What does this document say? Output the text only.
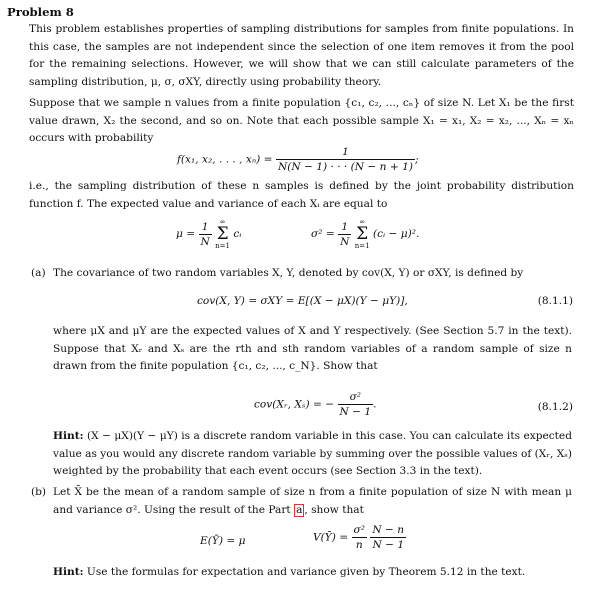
Problem 8
This problem establishes properties of sampling distributions for samples from finite populations. In this case, the samples are not independent since the selection of one item removes it from the pool for the remaining selections. However, we will show that we can still calculate parameters of the sampling distribution, μ, σ, σXY, directly using probability theory.
Suppose that we sample n values from a finite population {c₁, c₂, ..., cₙ} of size N. Let X₁ be the first value drawn, X₂ the second, and so on. Note that each possible sample X₁ = x₁, X₂ = x₂, ..., Xₙ = xₙ occurs with probability
f(x₁, x₂, . . . , $x_n) = \frac{1}{N(N - 1) \cdot \cdot \cdot (N - n + 1)}$ ;
i.e., the sampling distribution of these n samples is defined by the joint probability distribution function f. The expected value and variance of each Xᵢ are equal to
$\mu = \frac{1}{N}$
	∞
Σ
n=1
cᵢ	$\sigma^2 = \frac{1}{N}$
	∞
Σ
n=1
(cᵢ − μ)².
(a) The covariance of two random variables X, Y, denoted by cov(X, Y) or σXY, is defined by
cov(X, Y) = σXY = E[(X − μX)(Y − μY)],	(8.1.1)
where μX and μY are the expected values of X and Y respectively. (See Section 5.7 in the text). Suppose that Xᵣ and Xₛ are the rth and sth random variables of a random sample of size n drawn from the finite population {c₁, c₂, ..., c_N}. Show that
cov(Xᵣ, Xₛ) = − $\frac{\text{σ²}}{N - 1}$ .	(8.1.2)
Hint: (X − μX)(Y − μY) is a discrete random variable in this case. You can calculate its expected value as you would any discrete random variable by summing over the possible values of (Xᵣ, Xₛ) weighted by the probability that each event occurs (see Section 3.3 in the text).
(b) Let X̄ be the mean of a random sample of size n from a finite population of size N with mean μ and variance σ². Using the result of the Part a , show that
E(Ȳ) = μ	V(Ȳ) = $\frac{\text{σ²}}{n}$
$\frac{N - n}{N - 1}$
Hint: Use the formulas for expectation and variance given by Theorem 5.12 in the text.
